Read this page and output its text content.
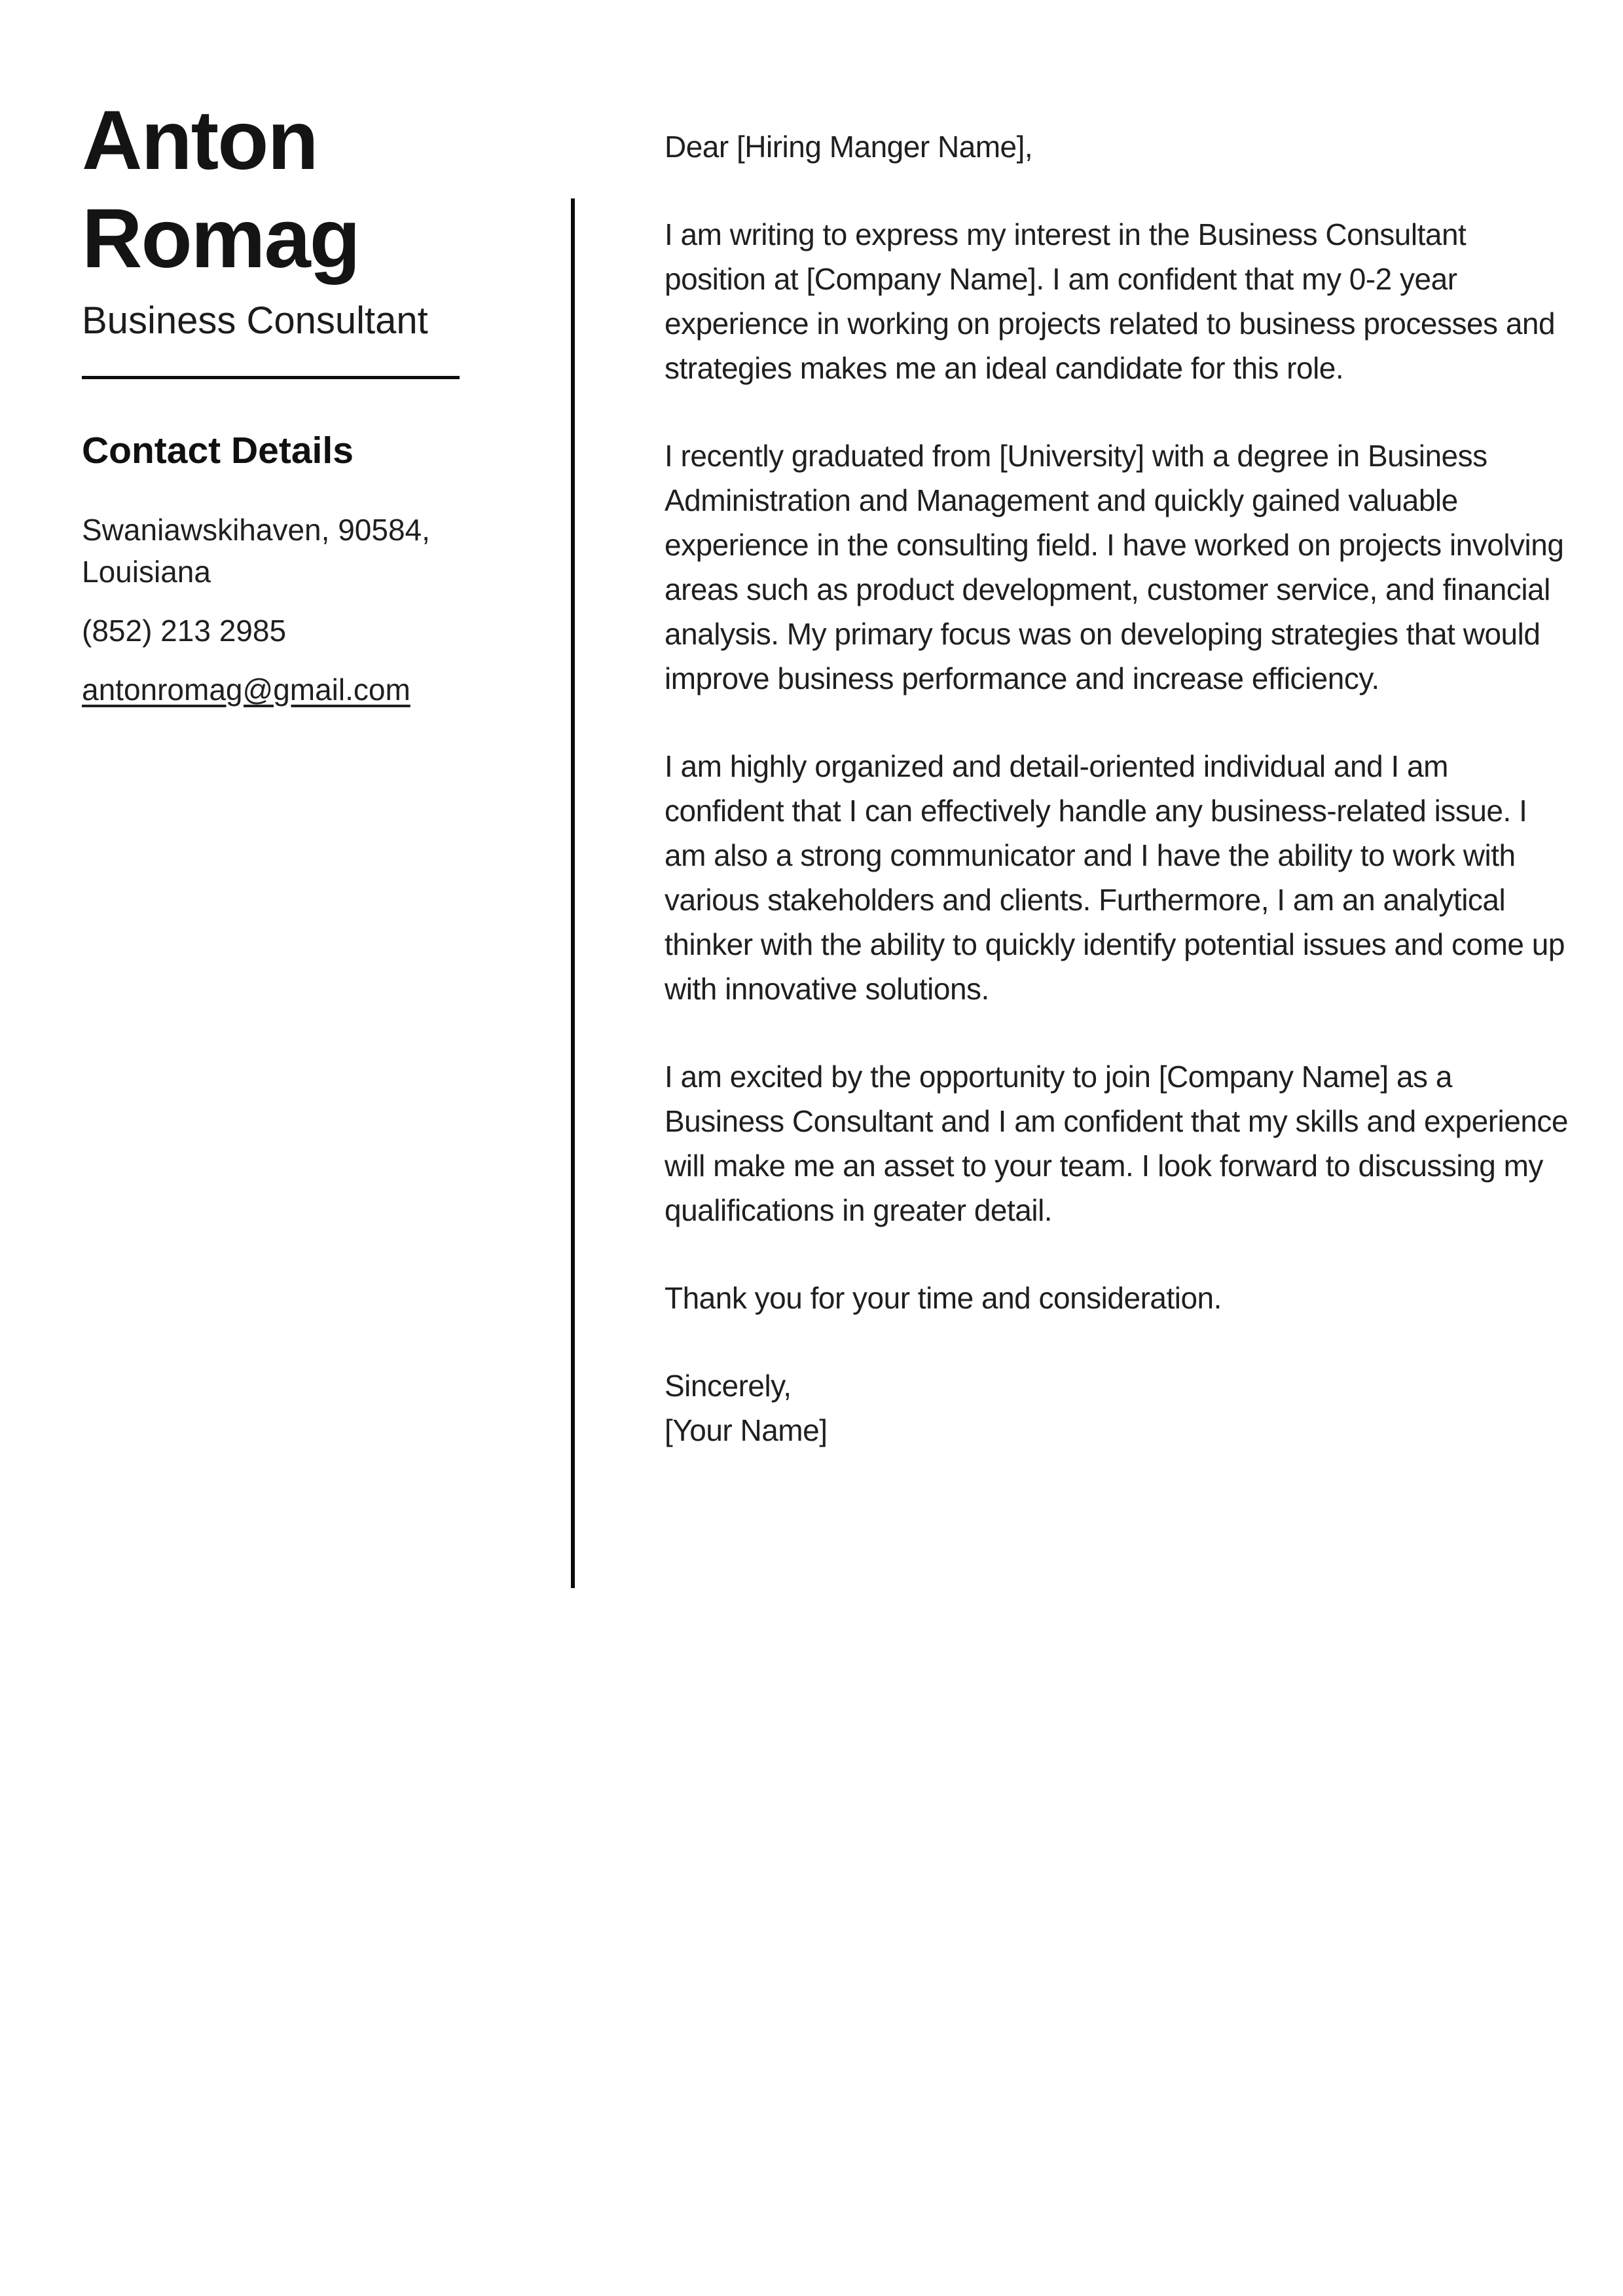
Anton
Romag
Business Consultant
Contact Details
Swaniawskihaven, 90584, Louisiana
(852) 213 2985
antonromag@gmail.com
Dear [Hiring Manger Name],

I am writing to express my interest in the Business Consultant position at [Company Name]. I am confident that my 0-2 year experience in working on projects related to business processes and strategies makes me an ideal candidate for this role.

I recently graduated from [University] with a degree in Business Administration and Management and quickly gained valuable experience in the consulting field. I have worked on projects involving areas such as product development, customer service, and financial analysis. My primary focus was on developing strategies that would improve business performance and increase efficiency.

I am highly organized and detail-oriented individual and I am confident that I can effectively handle any business-related issue. I am also a strong communicator and I have the ability to work with various stakeholders and clients. Furthermore, I am an analytical thinker with the ability to quickly identify potential issues and come up with innovative solutions.

I am excited by the opportunity to join [Company Name] as a Business Consultant and I am confident that my skills and experience will make me an asset to your team. I look forward to discussing my qualifications in greater detail.

Thank you for your time and consideration.

Sincerely,
[Your Name]
